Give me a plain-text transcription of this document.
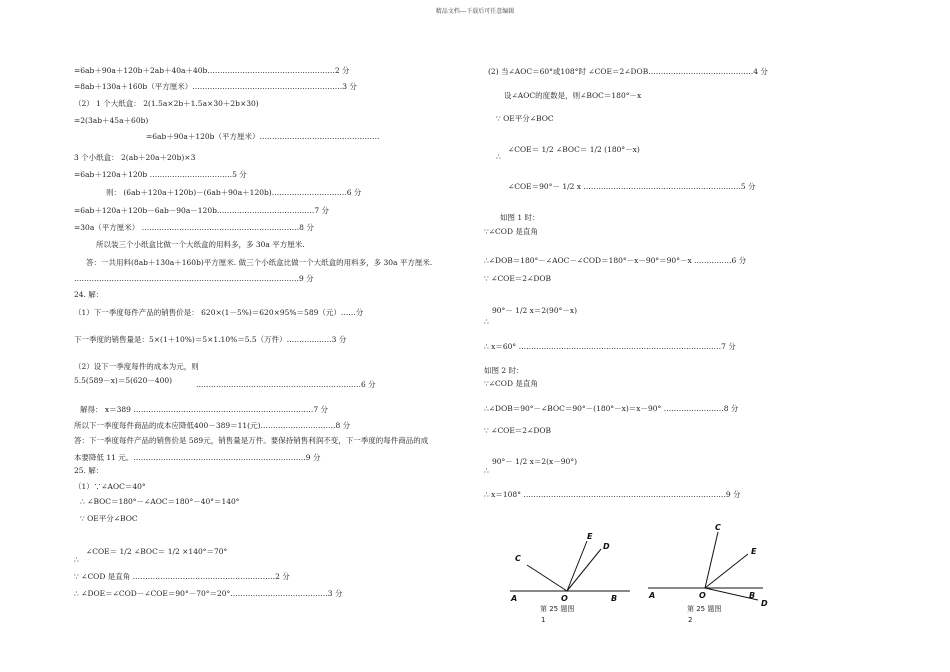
精品文档---下载后可任意编辑
=6ab＋90a＋120b＋2ab＋40a＋40b……………………………………………2 分
=8ab＋130a＋160b（平方厘米）……………………………………………………3 分
（2） 1 个大纸盒： 2(1.5a×2b＋1.5a×30＋2b×30)
=2(3ab＋45a＋60b)
=6ab＋90a＋120b（平方厘米）…………………………………………
3 个小纸盒： 2(ab＋20a＋20b)×3
=6ab＋120a＋120b ……………………………5 分
则： (6ab＋120a＋120b)－(6ab＋90a＋120b)…………………………6 分
=6ab＋120a＋120b－6ab－90a－120b…………………………………7 分
=30a（平方厘米） ………………………………………………………8 分
所以装三个小纸盒比做一个大纸盒的用料多，多 30a 平方厘米.
答：一共用料(8ab＋130a＋160b)平方厘米. 做三个小纸盒比做一个大纸盒的用料多，多 30a 平方厘米.
………………………………………………………………………………9 分
24. 解：
（1）下一季度每件产品的销售价是： 620×(1－5%)＝620×95%＝589（元）……分
下一季度的销售量是：5×(1＋10%)＝5×1.10%＝5.5（万件）………………3 分
（2）设下一季度每件的成本为元，则
5.5(589－x)＝5(620－400)	…………………………………………………………6 分
解得： x＝389 ………………………………………………………………7 分
所以下一季度每件商品的成本应降低400－389＝11(元)…………………………8 分
答：下一季度每件产品的销售价是 589元，销售量是万件。要保持销售利润不变，下一季度的每件商品的成
本要降低 11 元。……………………………………………………………9 分
25. 解：
（1）∵∠AOC＝40°
∴ ∠BOC＝180°－∠AOC＝180°－40°＝140°
∵ OE平分∠BOC
∠COE＝ 1/2 ∠BOC＝ 1/2 ×140°＝70°
∴
∵ ∠COD 是直角 …………………………………………………2 分
∴ ∠DOE＝∠COD－∠COE＝90°－70°＝20°…………………………………3 分
(2) 当∠AOC＝60°或108°时 ∠COE＝2∠DOB……………………………………4 分
设∠AOC的度数是，则∠BOC＝180°－x
∵ OE平分∠BOC
∠COE＝ 1/2 ∠BOC＝ 1/2 (180°－x)
∴
∠COE＝90°－ 1/2 x ………………………………………………………5 分
如图 1 时：
∵∠COD 是直角
∴∠DOB＝180°－∠AOC－∠COD＝180°－x－90°＝90°－x ……………6 分
∵ ∠COE＝2∠DOB
90°－ 1/2 x＝2(90°－x)
∴
∴ x＝60° ………………………………………………………………………7 分
如图 2 时：
∵∠COD 是直角
∴∠DOB＝90°－∠BOC＝90°－(180°－x)＝x－90° ……………………8 分
∵ ∠COE＝2∠DOB
90°－ 1/2 x＝2(x－90°)
∴
∴ x＝108° ………………………………………………………………………9 分
C
E
D
A	O	B
第 25 题图
1
C
E
A	O	B
D
第 25 题图
2
